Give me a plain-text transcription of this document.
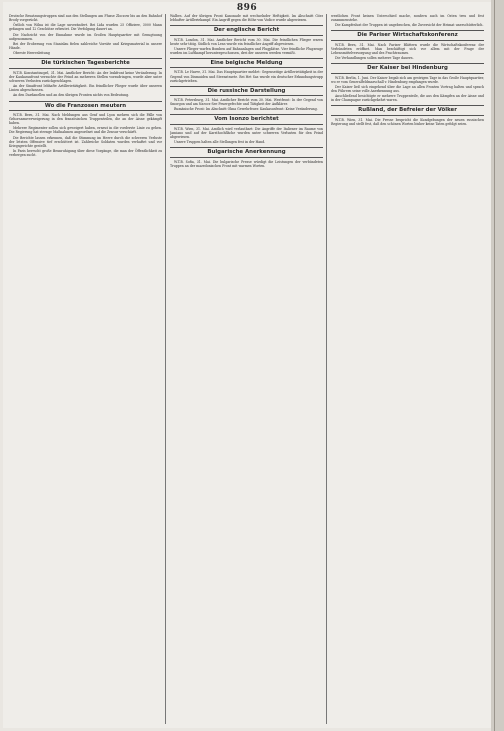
896

Deutsche Besatzungstruppen sind aus den Stellungen am Flusse Zloczow bis an den Bahnhof Brody vorgerückt.

Östlich von Wilna ist die Lage unverändert. Bei Lida wurden 25 Offiziere, 3000 Mann gefangen und 12 Geschütze erbeutet. Die Verfolgung dauert an.

Die Nachricht von der Einnahme wurde im Großen Hauptquartier mit Genugtuung aufgenommen.

Bei der Eroberung von Stanislau fielen zahlreiche Vorräte und Kriegsmaterial in unsere Hände.

Oberste Heeresleitung

Die türkischen Tagesberichte

W.T.B. Konstantinopel, 31. Mai. Amtlicher Bericht: An der Irakfront keine Veränderung. In der Kaukasusfront versuchte der Feind an mehreren Stellen vorzudringen, wurde aber unter schweren Verlusten zurückgeschlagen.

An der Sinaifront lebhafte Artillerietätigkeit. Ein feindlicher Flieger wurde über unseren Linien abgeschossen.

An den Dardanellen und an den übrigen Fronten nichts von Bedeutung.

Wo die Franzosen meutern

W.T.B. Bern, 31. Mai. Nach Meldungen aus Genf und Lyon mehren sich die Fälle von Gehorsamsverweigerung in den französischen Truppenteilen, die an der Aisne gekämpft haben.

Mehrere Regimenter sollen sich geweigert haben, erneut in die vorderste Linie zu gehen. Die Regierung hat strenge Maßnahmen angeordnet und die Zensur verschärft.

Die Berichte lassen erkennen, daß die Stimmung im Heere durch die schweren Verluste der letzten Offensive tief erschüttert ist. Zahlreiche Soldaten wurden verhaftet und vor Kriegsgerichte gestellt.

In Paris herrscht große Beunruhigung über diese Vorgänge, die man der Öffentlichkeit zu verbergen sucht.

Walbes. Auf der übrigen Front Kanonade mit wechselnder Heftigkeit. Im Abschnitt Görz lebhafter Artilleriekampf. Ein Angriff gegen die Höhe von Vodice wurde abgewiesen.

Der englische Bericht

W.T.B. London, 31. Mai. Amtlicher Bericht vom 30. Mai. Die feindlichen Flieger waren heute sehr tätig. Südlich von Lens wurde ein feindlicher Angriff abgewiesen.

Unsere Flieger warfen Bomben auf Bahnanlagen und Flugplätze. Vier feindliche Flugzeuge wurden im Luftkampf heruntergeschossen, drei der unseren werden vermißt.

Eine belgische Meldung

W.T.B. Le Havre, 31. Mai. Das Hauptquartier meldet: Gegenseitige Artillerietätigkeit in der Gegend von Dixmuiden und Steenstraete. Bei Het Sas wurde ein deutscher Erkundungstrupp zurückgetrieben.

Die russische Darstellung

W.T.B. Petersburg, 31. Mai. Amtlicher Bericht vom 30. Mai. Westfront: In der Gegend von Smorgon und am Narocz-See Feuergefechte und Tätigkeit der Aufklärer.

Rumänische Front: Im Abschnitt Okna Gewehrfeuer. Kaukasusfront: Keine Veränderung.

Vom Isonzo berichtet

W.T.B. Wien, 31. Mai. Amtlich wird verlautbart: Die Angriffe der Italiener im Raume von Jamiano und auf der Karsthochfläche wurden unter schweren Verlusten für den Feind abgewiesen.

Unsere Truppen halten alle Stellungen fest in der Hand.

Bulgarische Anerkennung

W.T.B. Sofia, 31. Mai. Die bulgarische Presse würdigt die Leistungen der verbündeten Truppen an der mazedonischen Front mit warmen Worten.

westlichen Front keinen Unterschied mache, sondern auch im Osten treu und fest zusammenstehe.

Die Kampfeslust der Truppen ist ungebrochen, die Zuversicht der Heimat unerschütterlich.

Die Pariser Wirtschaftskonferenz

W.T.B. Bern, 31. Mai. Nach Pariser Blättern wurde die Wirtschaftskonferenz der Verbündeten eröffnet. Man beschäftigt sich vor allem mit der Frage der Lebensmittelversorgung und des Frachtraumes.

Die Verhandlungen sollen mehrere Tage dauern.

Der Kaiser bei Hindenburg

W.T.B. Berlin, 1. Juni. Der Kaiser begab sich am gestrigen Tage in das Große Hauptquartier, wo er vom Generalfeldmarschall v. Hindenburg empfangen wurde.

Der Kaiser ließ sich eingehend über die Lage an allen Fronten Vortrag halten und sprach den Führern seine volle Anerkennung aus.

Anschließend besichtigte er mehrere Truppenteile, die aus den Kämpfen an der Aisne und in der Champagne zurückgekehrt waren.

Rußland, der Befreier der Völker

W.T.B. Wien, 31. Mai. Die Presse bespricht die Kundgebungen der neuen russischen Regierung und stellt fest, daß den schönen Worten bisher keine Taten gefolgt seien.
